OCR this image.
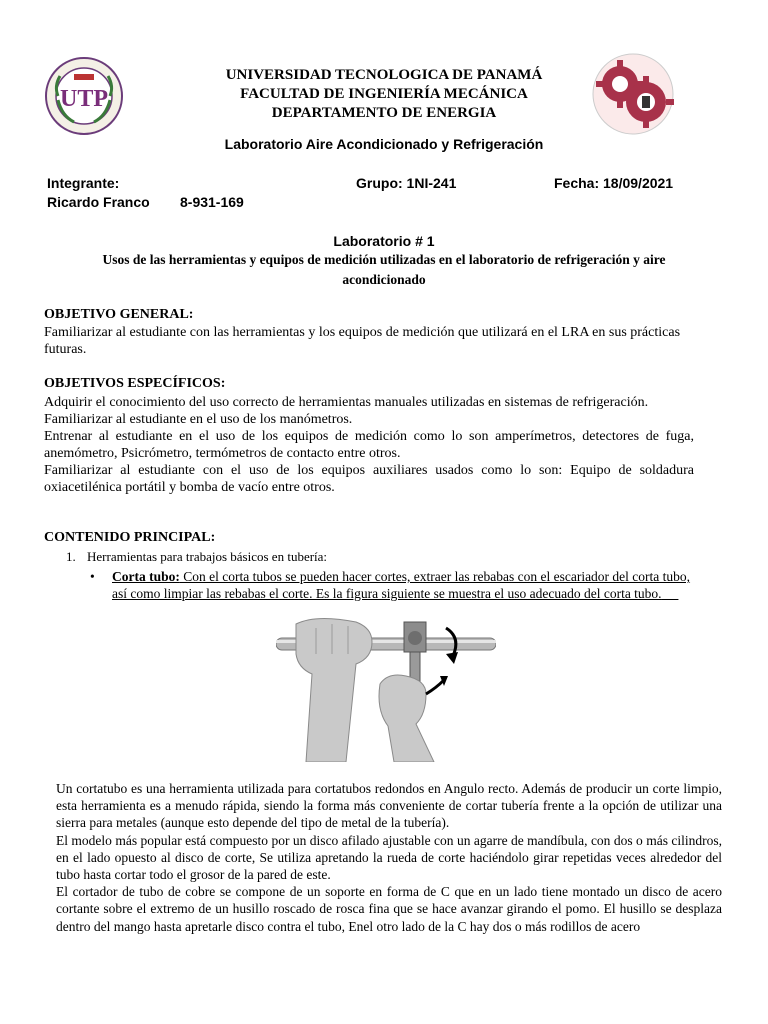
UTP
UNIVERSIDAD TECNOLOGICA DE PANAMÁ
FACULTAD DE INGENIERÍA MECÁNICA
DEPARTAMENTO DE ENERGIA
Laboratorio Aire Acondicionado y Refrigeración
Integrante:	Grupo: 1NI-241	Fecha: 18/09/2021
Ricardo Franco 8-931-169
Laboratorio # 1
Usos de las herramientas y equipos de medición utilizadas en el laboratorio de refrigeración y aire
acondicionado
OBJETIVO GENERAL:
Familiarizar al estudiante con las herramientas y los equipos de medición que utilizará en el LRA en sus prácticas futuras.
OBJETIVOS ESPECÍFICOS:
Adquirir el conocimiento del uso correcto de herramientas manuales utilizadas en sistemas de refrigeración.
Familiarizar al estudiante en el uso de los manómetros.
Entrenar al estudiante en el uso de los equipos de medición como lo son amperímetros, detectores de fuga, anemómetro, Psicrómetro, termómetros de contacto entre otros.
Familiarizar al estudiante con el uso de los equipos auxiliares usados como lo son: Equipo de soldadura oxiacetilénica portátil y bomba de vacío entre otros.
CONTENIDO PRINCIPAL:
1. Herramientas para trabajos básicos en tubería:
• Corta tubo: Con el corta tubos se pueden hacer cortes, extraer las rebabas con el escariador del corta tubo,
así como limpiar las rebabas el corte. Es la figura siguiente se muestra el uso adecuado del corta tubo.
Un cortatubo es una herramienta utilizada para cortatubos redondos en Angulo recto. Además de producir un corte limpio, esta herramienta es a menudo rápida, siendo la forma más conveniente de cortar tubería frente a la opción de utilizar una sierra para metales (aunque esto depende del tipo de metal de la tubería).
El modelo más popular está compuesto por un disco afilado ajustable con un agarre de mandíbula, con dos o más cilindros, en el lado opuesto al disco de corte, Se utiliza apretando la rueda de corte haciéndolo girar repetidas veces alrededor del tubo hasta cortar todo el grosor de la pared de este.
El cortador de tubo de cobre se compone de un soporte en forma de C que en un lado tiene montado un disco de acero cortante sobre el extremo de un husillo roscado de rosca fina que se hace avanzar girando el pomo. El husillo se desplaza dentro del mango hasta apretarle disco contra el tubo, Enel otro lado de la C hay dos o más rodillos de acero
